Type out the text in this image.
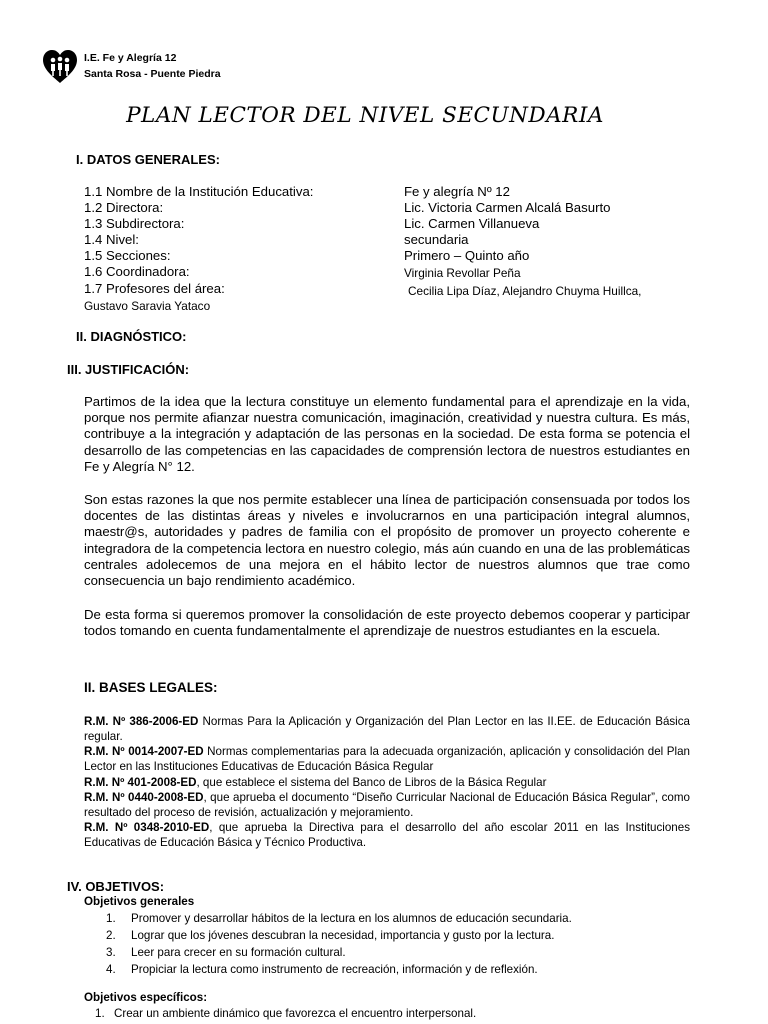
I.E. Fe y Alegría 12
Santa Rosa - Puente Piedra
PLAN LECTOR DEL NIVEL SECUNDARIA
I. DATOS GENERALES:
1.1 Nombre de la Institución Educativa:	Fe y alegría Nº 12
1.2 Directora:	Lic. Victoria Carmen Alcalá Basurto
1.3 Subdirectora:	Lic. Carmen Villanueva
1.4 Nivel:	secundaria
1.5 Secciones:	Primero – Quinto año
1.6 Coordinadora:	Virginia Revollar Peña
1.7 Profesores del área:	Cecilia Lipa Díaz, Alejandro Chuyma Huillca,
Gustavo Saravia Yataco
II. DIAGNÓSTICO:
III. JUSTIFICACIÓN:
Partimos de la idea que la lectura constituye un elemento fundamental para el aprendizaje en la vida, porque nos permite afianzar nuestra comunicación, imaginación, creatividad y nuestra cultura. Es más, contribuye a la integración y adaptación de las personas en la sociedad. De esta forma se potencia el desarrollo de las competencias en las capacidades de comprensión lectora de nuestros estudiantes en Fe y Alegría N° 12.
Son estas razones la que nos permite establecer una línea de participación consensuada por todos los docentes de las distintas áreas y niveles e involucrarnos en una participación integral alumnos, maestr@s, autoridades y padres de familia con el propósito de promover un proyecto coherente e integradora de la competencia lectora en nuestro colegio, más aún cuando en una de las problemáticas centrales adolecemos de una mejora en el hábito lector de nuestros alumnos que trae como consecuencia un bajo rendimiento académico.
De esta forma si queremos promover la consolidación de este proyecto debemos cooperar y participar todos tomando en cuenta fundamentalmente el aprendizaje de nuestros estudiantes en la escuela.
II. BASES LEGALES:
R.M. Nº 386-2006-ED Normas Para la Aplicación y Organización del Plan Lector en las II.EE. de Educación Básica regular.
R.M. Nº 0014-2007-ED Normas complementarias para la adecuada organización, aplicación y consolidación del Plan Lector en las Instituciones Educativas de Educación Básica Regular
R.M. Nº 401-2008-ED, que establece el sistema del Banco de Libros de la Básica Regular
R.M. Nº 0440-2008-ED, que aprueba el documento “Diseño Curricular Nacional de Educación Básica Regular”, como resultado del proceso de revisión, actualización y mejoramiento.
R.M. Nº 0348-2010-ED, que aprueba la Directiva para el desarrollo del año escolar 2011 en las Instituciones Educativas de Educación Básica y Técnico Productiva.
IV. OBJETIVOS:
Objetivos generales
1. Promover y desarrollar hábitos de la lectura en los alumnos de educación secundaria.
2. Lograr que los jóvenes descubran la necesidad, importancia y gusto por la lectura.
3. Leer para crecer en su formación cultural.
4. Propiciar la lectura como instrumento de recreación, información y de reflexión.
Objetivos específicos:
1. Crear un ambiente dinámico que favorezca el encuentro interpersonal.
